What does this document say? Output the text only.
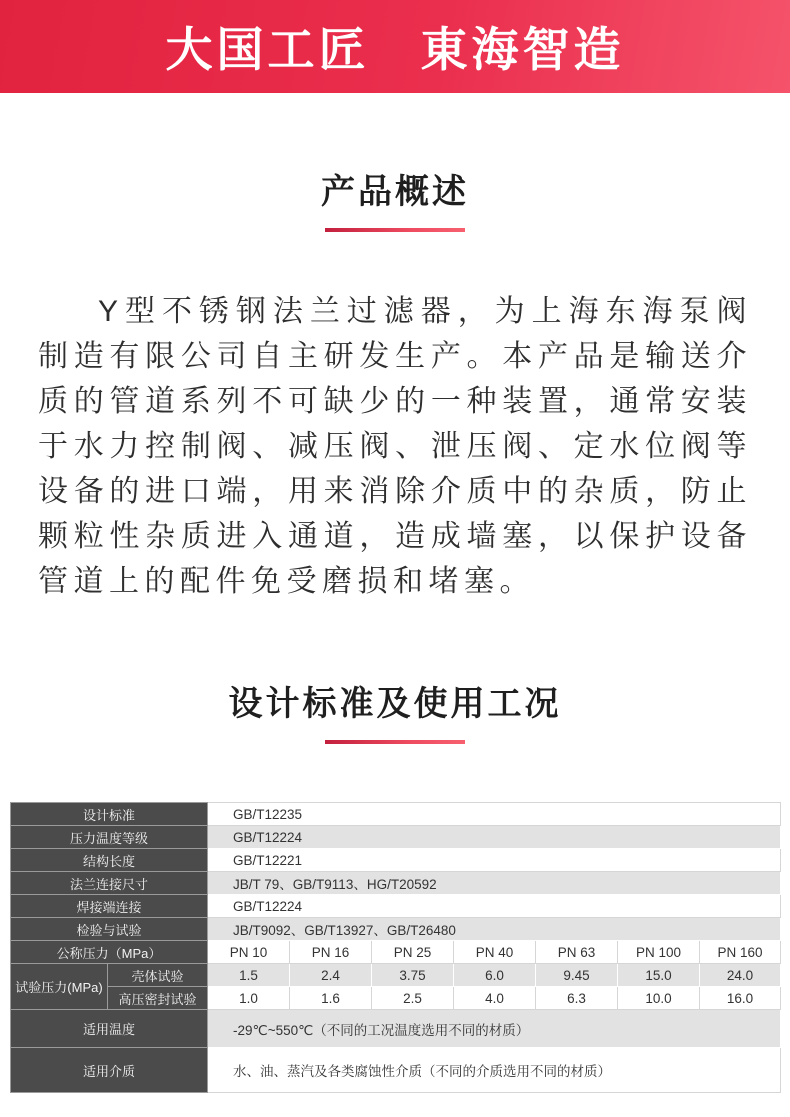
大国工匠　東海智造
产品概述

Y型不锈钢法兰过滤器，为上海东海泵阀制造有限公司自主研发生产。本产品是输送介质的管道系列不可缺少的一种装置，通常安装于水力控制阀、减压阀、泄压阀、定水位阀等设备的进口端，用来消除介质中的杂质，防止颗粒性杂质进入通道，造成墙塞，以保护设备管道上的配件免受磨损和堵塞。

设计标准及使用工况
设计标准		GB/T12235						
压力温度等级		GB/T12224						
结构长度		GB/T12221						
法兰连接尺寸		JB/T 79、GB/T9113、HG/T20592						
焊接端连接		GB/T12224						
检验与试验		JB/T9092、GB/T13927、GB/T26480						
公称压力（MPa）		PN 10	PN 16	PN 25	PN 40	PN 63	PN 100	PN 160
试验压力(MPa)	壳体试验	1.5	2.4	3.75	6.0	9.45	15.0	24.0
	高压密封试验	1.0	1.6	2.5	4.0	6.3	10.0	16.0
适用温度		-29℃~550℃（不同的工况温度选用不同的材质）						
适用介质		水、油、蒸汽及各类腐蚀性介质（不同的介质选用不同的材质）						
